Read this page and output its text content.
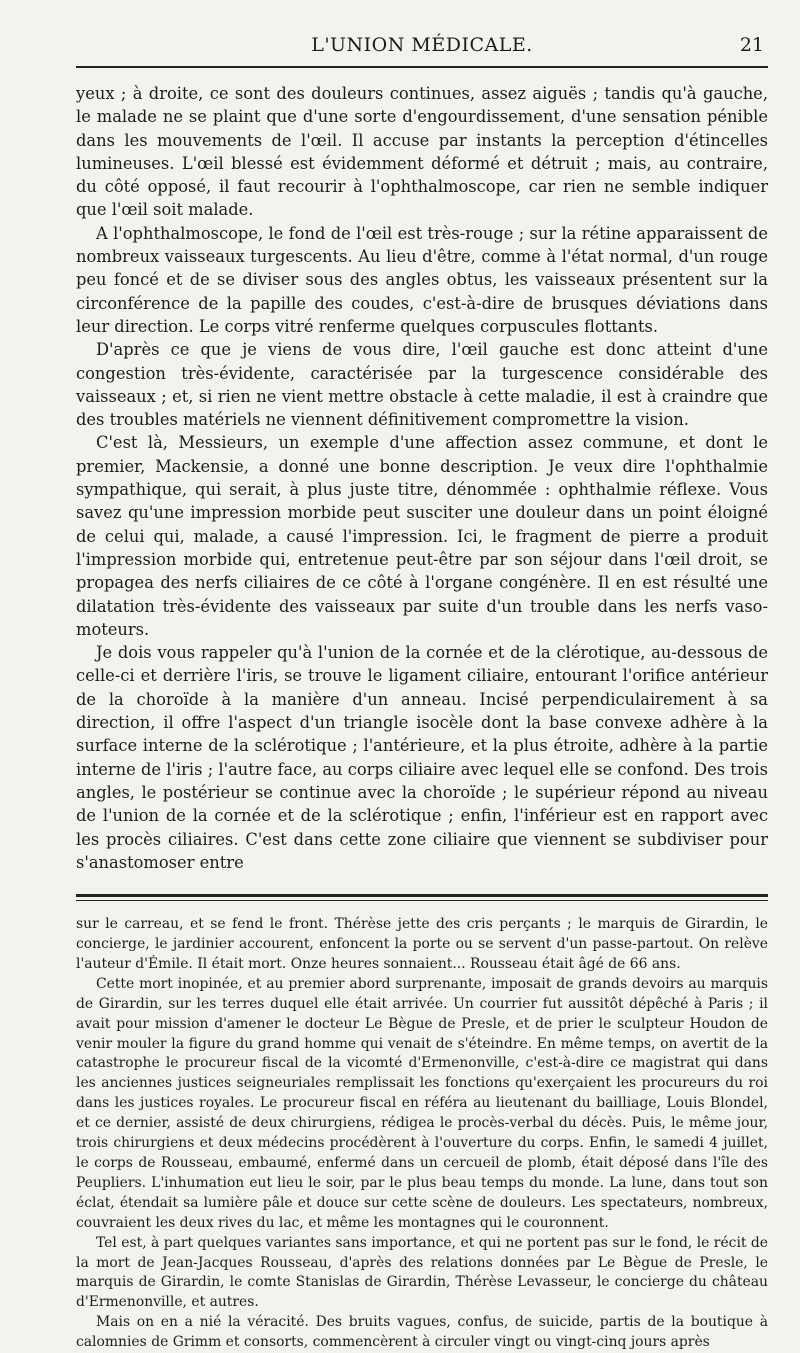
L'UNION MÉDICALE.	21

yeux ; à droite, ce sont des douleurs continues, assez aiguës ; tandis qu'à gauche, le malade ne se plaint que d'une sorte d'engourdissement, d'une sensation pénible dans les mouvements de l'œil. Il accuse par instants la perception d'étincelles lumineuses. L'œil blessé est évidemment déformé et détruit ; mais, au contraire, du côté opposé, il faut recourir à l'ophthalmoscope, car rien ne semble indiquer que l'œil soit malade.

A l'ophthalmoscope, le fond de l'œil est très-rouge ; sur la rétine apparaissent de nombreux vaisseaux turgescents. Au lieu d'être, comme à l'état normal, d'un rouge peu foncé et de se diviser sous des angles obtus, les vaisseaux présentent sur la circonférence de la papille des coudes, c'est-à-dire de brusques déviations dans leur direction. Le corps vitré renferme quelques corpuscules flottants.

D'après ce que je viens de vous dire, l'œil gauche est donc atteint d'une congestion très-évidente, caractérisée par la turgescence considérable des vaisseaux ; et, si rien ne vient mettre obstacle à cette maladie, il est à craindre que des troubles matériels ne viennent définitivement compromettre la vision.

C'est là, Messieurs, un exemple d'une affection assez commune, et dont le premier, Mackensie, a donné une bonne description. Je veux dire l'ophthalmie sympathique, qui serait, à plus juste titre, dénommée : ophthalmie réflexe. Vous savez qu'une impression morbide peut susciter une douleur dans un point éloigné de celui qui, malade, a causé l'impression. Ici, le fragment de pierre a produit l'impression morbide qui, entretenue peut-être par son séjour dans l'œil droit, se propagea des nerfs ciliaires de ce côté à l'organe congénère. Il en est résulté une dilatation très-évidente des vaisseaux par suite d'un trouble dans les nerfs vaso-moteurs.

Je dois vous rappeler qu'à l'union de la cornée et de la clérotique, au-dessous de celle-ci et derrière l'iris, se trouve le ligament ciliaire, entourant l'orifice antérieur de la choroïde à la manière d'un anneau. Incisé perpendiculairement à sa direction, il offre l'aspect d'un triangle isocèle dont la base convexe adhère à la surface interne de la sclérotique ; l'antérieure, et la plus étroite, adhère à la partie interne de l'iris ; l'autre face, au corps ciliaire avec lequel elle se confond. Des trois angles, le postérieur se continue avec la choroïde ; le supérieur répond au niveau de l'union de la cornée et de la sclérotique ; enfin, l'inférieur est en rapport avec les procès ciliaires. C'est dans cette zone ciliaire que viennent se subdiviser pour s'anastomoser entre

sur le carreau, et se fend le front. Thérèse jette des cris perçants ; le marquis de Girardin, le concierge, le jardinier accourent, enfoncent la porte ou se servent d'un passe-partout. On relève l'auteur d'Émile. Il était mort. Onze heures sonnaient... Rousseau était âgé de 66 ans.

Cette mort inopinée, et au premier abord surprenante, imposait de grands devoirs au marquis de Girardin, sur les terres duquel elle était arrivée. Un courrier fut aussitôt dépêché à Paris ; il avait pour mission d'amener le docteur Le Bègue de Presle, et de prier le sculpteur Houdon de venir mouler la figure du grand homme qui venait de s'éteindre. En même temps, on avertit de la catastrophe le procureur fiscal de la vicomté d'Ermenonville, c'est-à-dire ce magistrat qui dans les anciennes justices seigneuriales remplissait les fonctions qu'exerçaient les procureurs du roi dans les justices royales. Le procureur fiscal en référa au lieutenant du bailliage, Louis Blondel, et ce dernier, assisté de deux chirurgiens, rédigea le procès-verbal du décès. Puis, le même jour, trois chirurgiens et deux médecins procédèrent à l'ouverture du corps. Enfin, le samedi 4 juillet, le corps de Rousseau, embaumé, enfermé dans un cercueil de plomb, était déposé dans l'île des Peupliers. L'inhumation eut lieu le soir, par le plus beau temps du monde. La lune, dans tout son éclat, étendait sa lumière pâle et douce sur cette scène de douleurs. Les spectateurs, nombreux, couvraient les deux rives du lac, et même les montagnes qui le couronnent.

Tel est, à part quelques variantes sans importance, et qui ne portent pas sur le fond, le récit de la mort de Jean-Jacques Rousseau, d'après des relations données par Le Bègue de Presle, le marquis de Girardin, le comte Stanislas de Girardin, Thérèse Levasseur, le concierge du château d'Ermenonville, et autres.

Mais on en a nié la véracité. Des bruits vagues, confus, de suicide, partis de la boutique à calomnies de Grimm et consorts, commencèrent à circuler vingt ou vingt-cinq jours après
